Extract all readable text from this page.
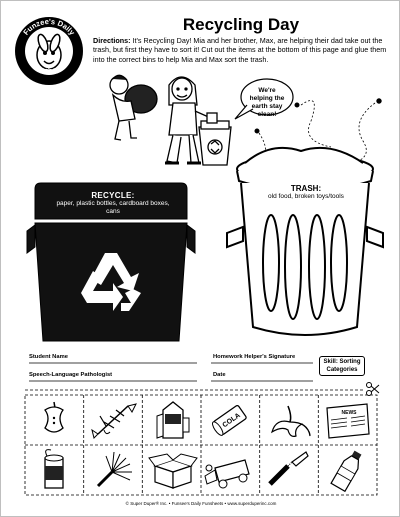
Funzee's Daily
Funsheets
Recycling Day
Directions: It's Recycling Day! Mia and her brother, Max, are helping their dad take out the trash, but first they have to sort it! Cut out the items at the bottom of this page and glue them into the correct bins to help Mia and Max sort the trash.
We're helping the earth stay clean!
RECYCLE:
paper, plastic bottles, cardboard boxes, cans
TRASH:
old food, broken toys/tools
Student Name	Homework Helper's Signature
Speech-Language Pathologist	Date
Skill: Sorting Categories
COLA	NEWS
© Super Duper® Inc. • Funsee's Daily Funsheets • www.superduperinc.com
